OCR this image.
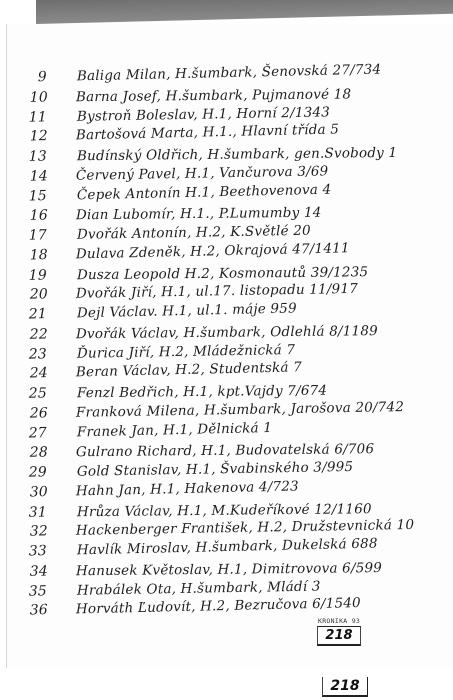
9 Baliga Milan, H.šumbark, Šenovská 27/734
10 Barna Josef, H.šumbark, Pujmanové 18
11 Bystroň Boleslav, H.1, Horní 2/1343
12 Bartošová Marta, H.1., Hlavní třída 5
13 Budínský Oldřich, H.šumbark, gen.Svobody 1
14 Červený Pavel, H.1, Vančurova 3/69
15 Čepek Antonín H.1, Beethovenova 4
16 Dian Lubomír, H.1., P.Lumumby 14
17 Dvořák Antonín, H.2, K.Světlé 20
18 Dulava Zdeněk, H.2, Okrajová 47/1411
19 Dusza Leopold H.2, Kosmonautů 39/1235
20 Dvořák Jiří, H.1, ul.17. listopadu 11/917
21 Dejl Václav. H.1, ul.1. máje 959
22 Dvořák Václav, H.šumbark, Odlehlá 8/1189
23 Ďurica Jiří, H.2, Mládežnická 7
24 Beran Václav, H.2, Studentská 7
25 Fenzl Bedřich, H.1, kpt.Vajdy 7/674
26 Franková Milena, H.šumbark, Jarošova 20/742
27 Franek Jan, H.1, Dělnická 1
28 Gulrano Richard, H.1, Budovatelská 6/706
29 Gold Stanislav, H.1, Švabinského 3/995
30 Hahn Jan, H.1, Hakenova 4/723
31 Hrůza Václav, H.1, M.Kudeříkové 12/1160
32 Hackenberger František, H.2, Družstevnická 10
33 Havlík Miroslav, H.šumbark, Dukelská 688
34 Hanusek Květoslav, H.1, Dimitrovova 6/599
35 Hrabálek Ota, H.šumbark, Mládí 3
36 Horváth Ľudovít, H.2, Bezručova 6/1540
KRONIKA 93
218
218
